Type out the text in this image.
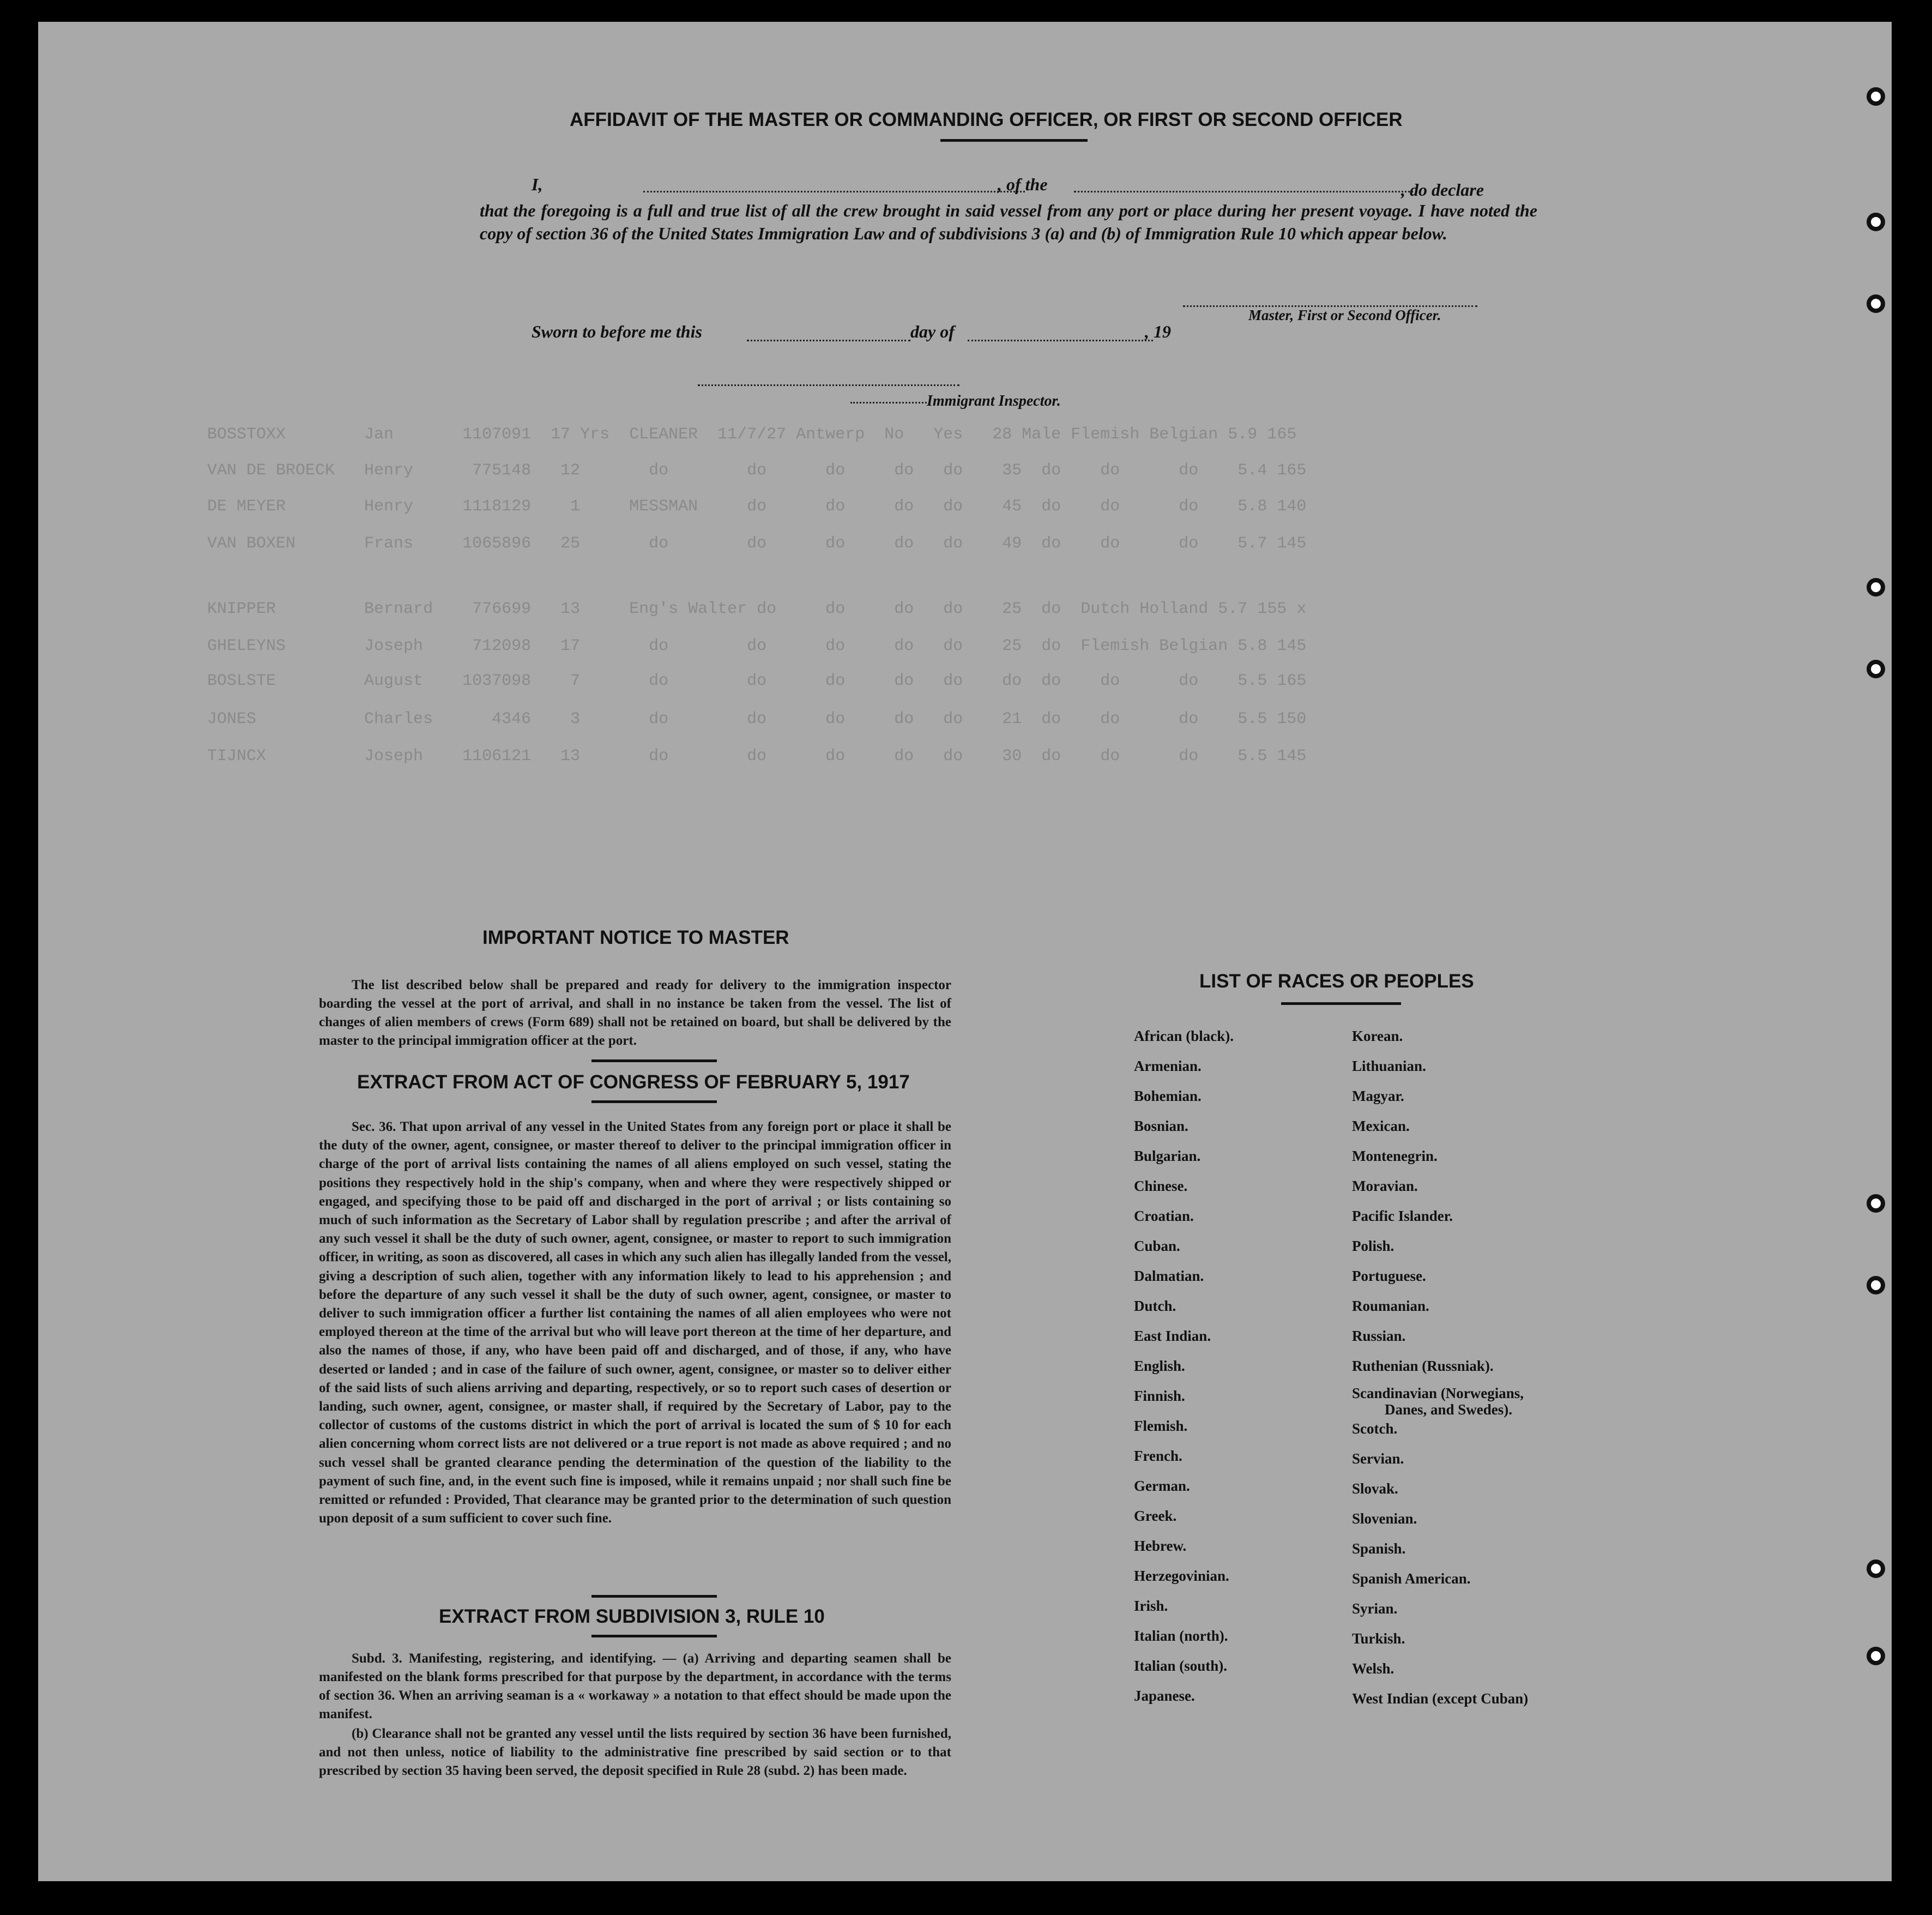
BOSSTOXX        Jan       1107091  17 Yrs  CLEANER  11/7/27 Antwerp  No   Yes   28 Male Flemish Belgian 5.9 165
VAN DE BROECK   Henry      775148   12       do        do      do     do   do    35  do    do      do    5.4 165
DE MEYER        Henry     1118129    1     MESSMAN     do      do     do   do    45  do    do      do    5.8 140
VAN BOXEN       Frans     1065896   25       do        do      do     do   do    49  do    do      do    5.7 145
KNIPPER         Bernard    776699   13     Eng's Walter do     do     do   do    25  do  Dutch Holland 5.7 155 x
GHELEYNS        Joseph     712098   17       do        do      do     do   do    25  do  Flemish Belgian 5.8 145
BOSLSTE         August    1037098    7       do        do      do     do   do    do  do    do      do    5.5 165
JONES           Charles      4346    3       do        do      do     do   do    21  do    do      do    5.5 150
TIJNCX          Joseph    1106121   13       do        do      do     do   do    30  do    do      do    5.5 145
AFFIDAVIT OF THE MASTER OR COMMANDING OFFICER, OR FIRST OR SECOND OFFICER
I,	, of the	, do declare
that the foregoing is a full and true list of all the crew brought in said vessel from any port or place during her present voyage. I have noted the copy of section 36 of the United States Immigration Law and of subdivisions 3 (a) and (b) of Immigration Rule 10 which appear below.
Master, First or Second Officer.
Sworn to before me this	day of	, 19
Immigrant Inspector.
IMPORTANT NOTICE TO MASTER
The list described below shall be prepared and ready for delivery to the immigration inspector boarding the vessel at the port of arrival, and shall in no instance be taken from the vessel. The list of changes of alien members of crews (Form 689) shall not be retained on board, but shall be delivered by the master to the principal immigration officer at the port.
EXTRACT FROM ACT OF CONGRESS OF FEBRUARY 5, 1917
Sec. 36. That upon arrival of any vessel in the United States from any foreign port or place it shall be the duty of the owner, agent, consignee, or master thereof to deliver to the principal immigration officer in charge of the port of arrival lists containing the names of all aliens employed on such vessel, stating the positions they respectively hold in the ship's company, when and where they were respectively shipped or engaged, and specifying those to be paid off and discharged in the port of arrival ; or lists containing so much of such information as the Secretary of Labor shall by regulation prescribe ; and after the arrival of any such vessel it shall be the duty of such owner, agent, consignee, or master to report to such immigration officer, in writing, as soon as discovered, all cases in which any such alien has illegally landed from the vessel, giving a description of such alien, together with any information likely to lead to his apprehension ; and before the departure of any such vessel it shall be the duty of such owner, agent, consignee, or master to deliver to such immigration officer a further list containing the names of all alien employees who were not employed thereon at the time of the arrival but who will leave port thereon at the time of her departure, and also the names of those, if any, who have been paid off and discharged, and of those, if any, who have deserted or landed ; and in case of the failure of such owner, agent, consignee, or master so to deliver either of the said lists of such aliens arriving and departing, respectively, or so to report such cases of desertion or landing, such owner, agent, consignee, or master shall, if required by the Secretary of Labor, pay to the collector of customs of the customs district in which the port of arrival is located the sum of $ 10 for each alien concerning whom correct lists are not delivered or a true report is not made as above required ; and no such vessel shall be granted clearance pending the determination of the question of the liability to the payment of such fine, and, in the event such fine is imposed, while it remains unpaid ; nor shall such fine be remitted or refunded : Provided, That clearance may be granted prior to the determination of such question upon deposit of a sum sufficient to cover such fine.
EXTRACT FROM SUBDIVISION 3, RULE 10
Subd. 3. Manifesting, registering, and identifying. — (a) Arriving and departing seamen shall be manifested on the blank forms prescribed for that purpose by the department, in accordance with the terms of section 36. When an arriving seaman is a « workaway » a notation to that effect should be made upon the manifest.
(b) Clearance shall not be granted any vessel until the lists required by section 36 have been furnished, and not then unless, notice of liability to the administrative fine prescribed by said section or to that prescribed by section 35 having been served, the deposit specified in Rule 28 (subd. 2) has been made.
LIST OF RACES OR PEOPLES
African (black).
Armenian.
Bohemian.
Bosnian.
Bulgarian.
Chinese.
Croatian.
Cuban.
Dalmatian.
Dutch.
East Indian.
English.
Finnish.
Flemish.
French.
German.
Greek.
Hebrew.
Herzegovinian.
Irish.
Italian (north).
Italian (south).
Japanese.
Korean.
Lithuanian.
Magyar.
Mexican.
Montenegrin.
Moravian.
Pacific Islander.
Polish.
Portuguese.
Roumanian.
Russian.
Ruthenian (Russniak).
Scandinavian (Norwegians,
Danes, and Swedes).
Scotch.
Servian.
Slovak.
Slovenian.
Spanish.
Spanish American.
Syrian.
Turkish.
Welsh.
West Indian (except Cuban)
